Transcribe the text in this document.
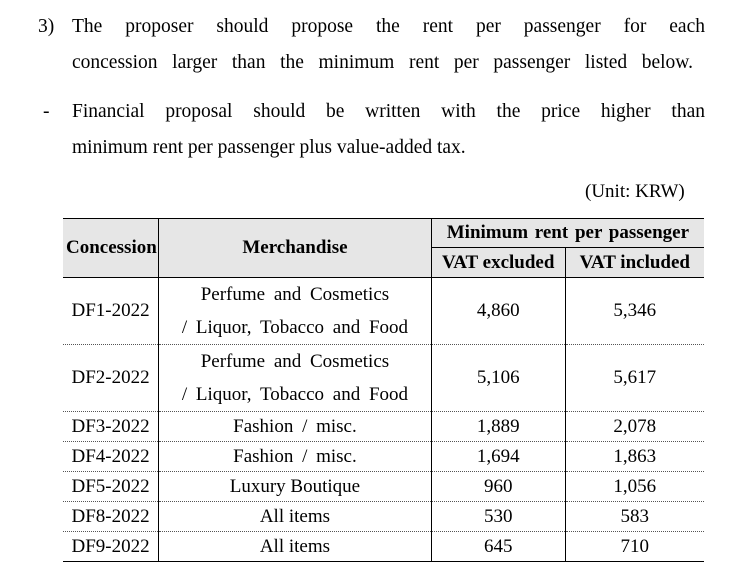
3) The proposer should propose the rent per passenger for each
concession larger than the minimum rent per passenger listed below.
- Financial proposal should be written with the price higher than
minimum rent per passenger plus value-added tax.
(Unit: KRW)
Concession	Merchandise	Minimum rent per passenger	
		VAT excluded	VAT included
DF1-2022	Perfume and Cosmetics
/ Liquor, Tobacco and Food	4,860	5,346
DF2-2022	Perfume and Cosmetics
/ Liquor, Tobacco and Food	5,106	5,617
DF3-2022	Fashion / misc.	1,889	2,078
DF4-2022	Fashion / misc.	1,694	1,863
DF5-2022	Luxury Boutique	960	1,056
DF8-2022	All items	530	583
DF9-2022	All items	645	710
